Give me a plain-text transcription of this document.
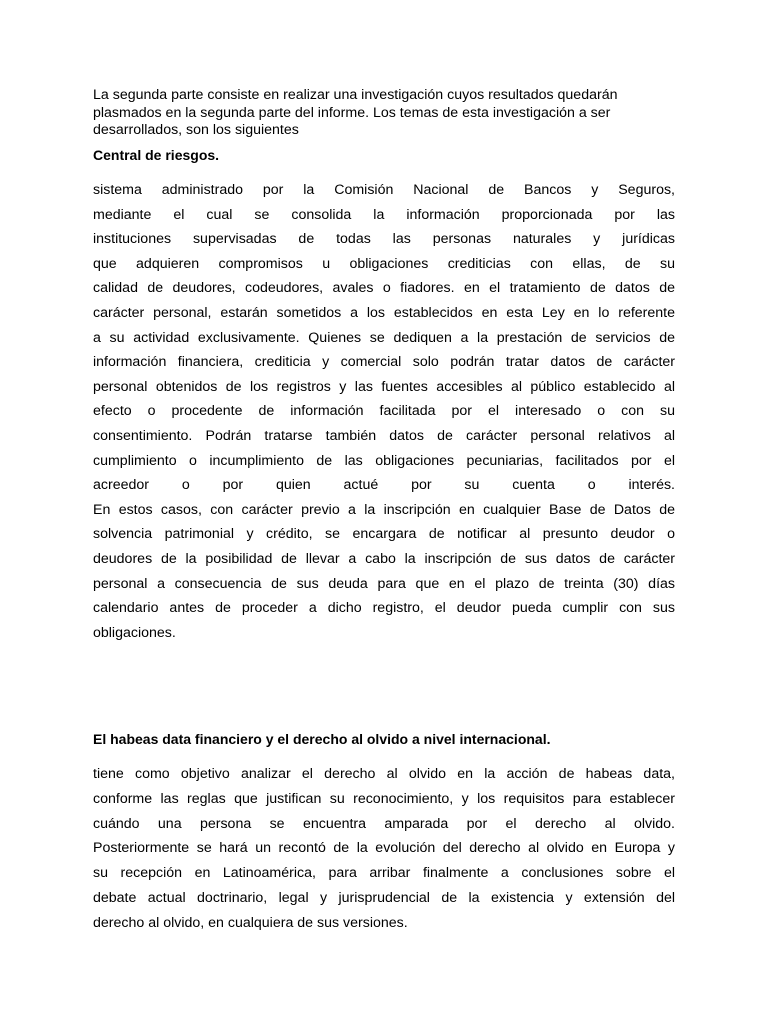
La segunda parte consiste en realizar una investigación cuyos resultados quedarán plasmados en la segunda parte del informe. Los temas de esta investigación a ser desarrollados, son los siguientes

Central de riesgos.
sistema administrado por la Comisión Nacional de Bancos y Seguros,
mediante el cual se consolida la información proporcionada por las
instituciones supervisadas de todas las personas naturales y jurídicas
que adquieren compromisos u obligaciones crediticias con ellas, de su
calidad de deudores, codeudores, avales o fiadores. en el tratamiento de datos de
carácter personal, estarán sometidos a los establecidos en esta Ley en lo referente
a su actividad exclusivamente. Quienes se dediquen a la prestación de servicios de
información financiera, crediticia y comercial solo podrán tratar datos de carácter
personal obtenidos de los registros y las fuentes accesibles al público establecido al
efecto o procedente de información facilitada por el interesado o con su
consentimiento. Podrán tratarse también datos de carácter personal relativos al
cumplimiento o incumplimiento de las obligaciones pecuniarias, facilitados por el
acreedor o por quien actué por su cuenta o interés.
En estos casos, con carácter previo a la inscripción en cualquier Base de Datos de
solvencia patrimonial y crédito, se encargara de notificar al presunto deudor o
deudores de la posibilidad de llevar a cabo la inscripción de sus datos de carácter
personal a consecuencia de sus deuda para que en el plazo de treinta (30) días
calendario antes de proceder a dicho registro, el deudor pueda cumplir con sus
obligaciones.
El habeas data financiero y el derecho al olvido a nivel internacional.
tiene como objetivo analizar el derecho al olvido en la acción de habeas data,
conforme las reglas que justifican su reconocimiento, y los requisitos para establecer
cuándo una persona se encuentra amparada por el derecho al olvido.
Posteriormente se hará un recontó de la evolución del derecho al olvido en Europa y
su recepción en Latinoamérica, para arribar finalmente a conclusiones sobre el
debate actual doctrinario, legal y jurisprudencial de la existencia y extensión del
derecho al olvido, en cualquiera de sus versiones.
